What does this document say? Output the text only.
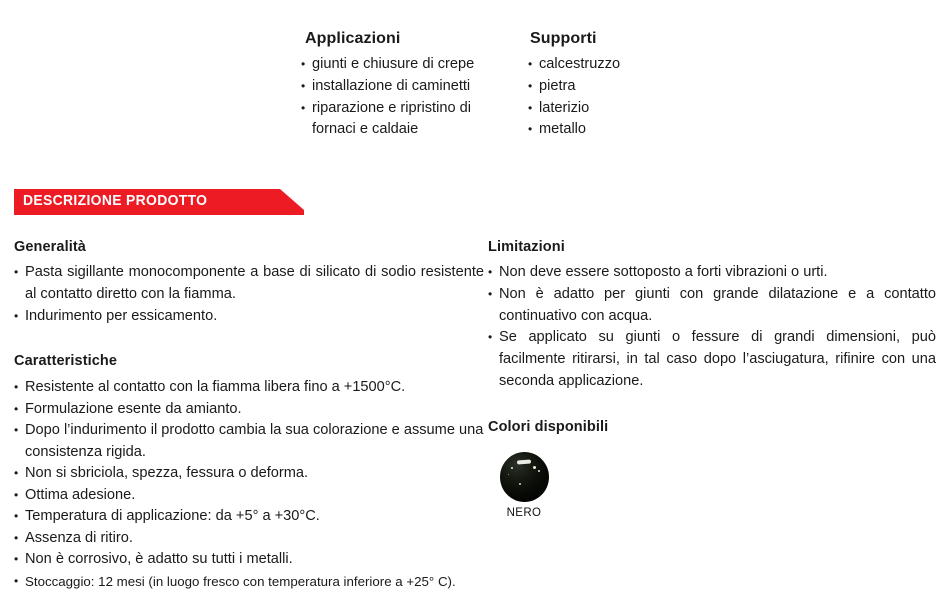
Applicazioni
• giunti e chiusure di crepe
• installazione di caminetti
• riparazione e ripristino di fornaci e caldaie
Supporti
• calcestruzzo
• pietra
• laterizio
• metallo
DESCRIZIONE PRODOTTO
Generalità
• Pasta sigillante monocomponente a base di silicato di sodio resistente al contatto diretto con la fiamma.
• Indurimento per essicamento.
Caratteristiche
• Resistente al contatto con la fiamma libera fino a +1500°C.
• Formulazione esente da amianto.
• Dopo l’indurimento il prodotto cambia la sua colorazione e assume una consistenza rigida.
• Non si sbriciola, spezza, fessura o deforma.
• Ottima adesione.
• Temperatura di applicazione: da +5° a +30°C.
• Assenza di ritiro.
• Non è corrosivo, è adatto su tutti i metalli.
• Stoccaggio: 12 mesi (in luogo fresco con temperatura inferiore a +25° C).
Limitazioni
• Non deve essere sottoposto a forti vibrazioni o urti.
• Non è adatto per giunti con grande dilatazione e a contatto continuativo con acqua.
• Se applicato su giunti o fessure di grandi dimensioni, può facilmente ritirarsi, in tal caso dopo l’asciugatura, rifinire con una seconda applicazione.
Colori disponibili
NERO
